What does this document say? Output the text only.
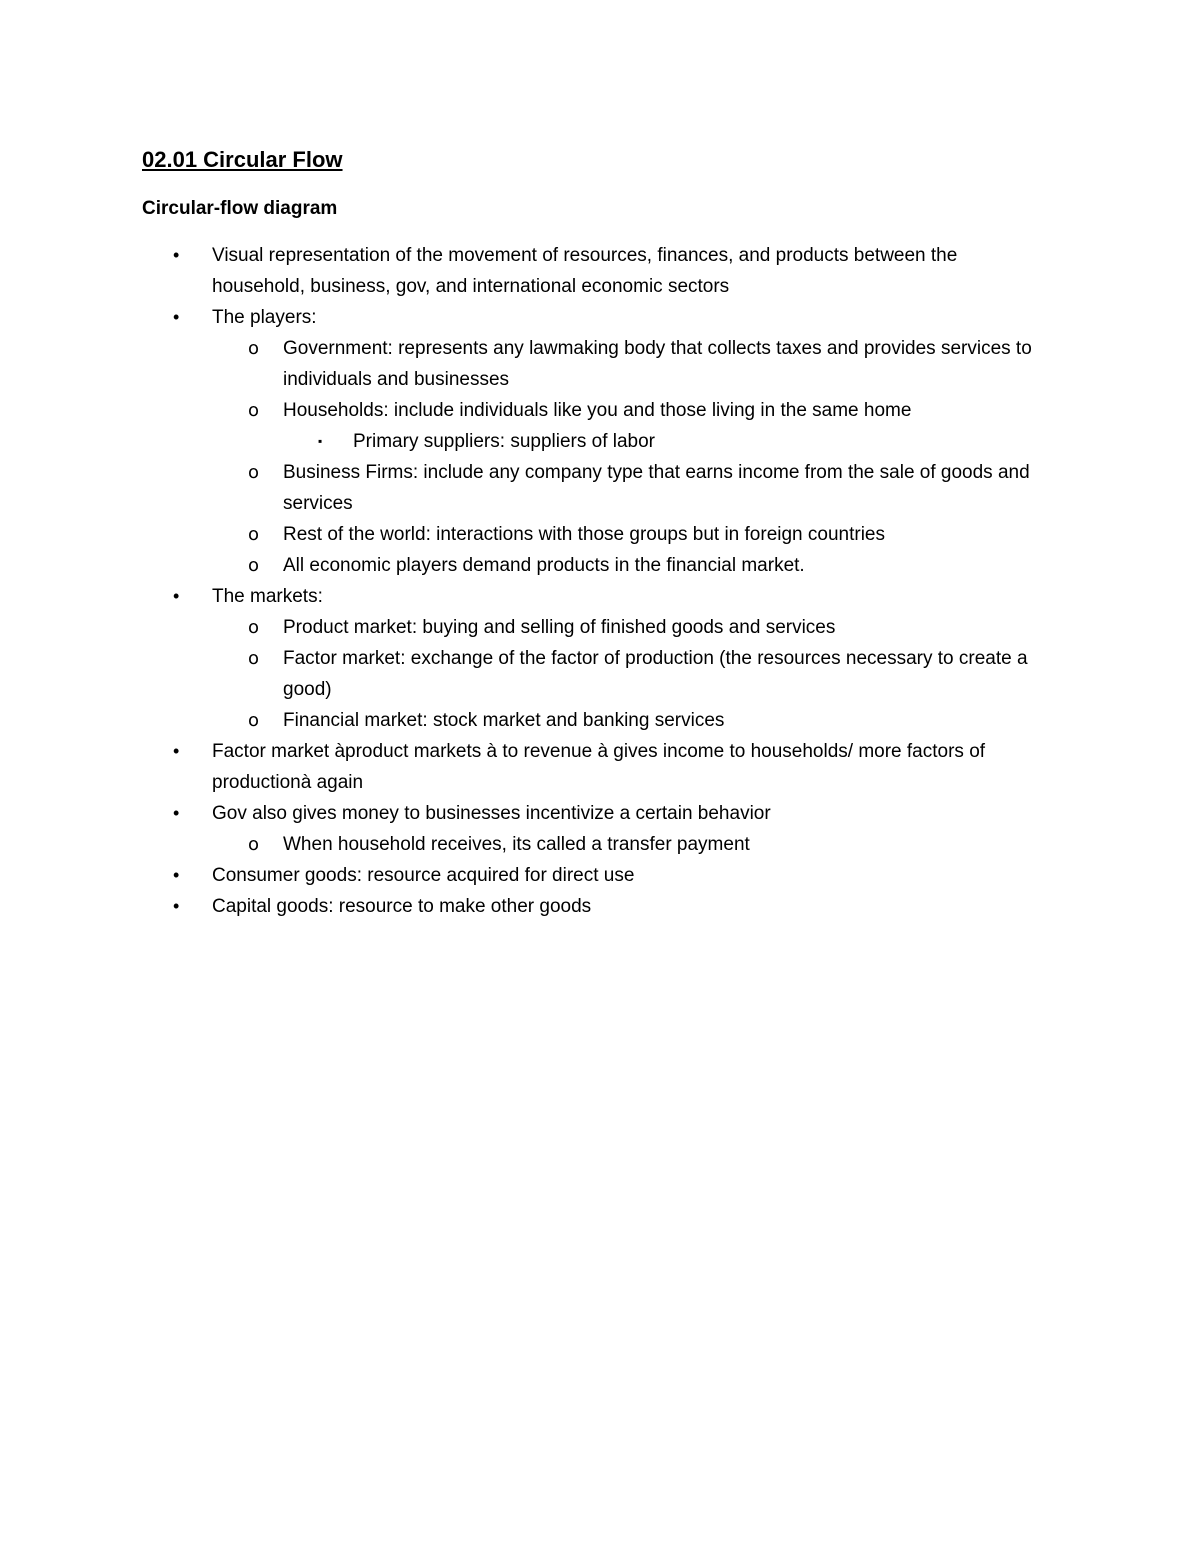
02.01 Circular Flow
Circular-flow diagram
• Visual representation of the movement of resources, finances, and products between the household, business, gov, and international economic sectors
• The players:
o Government: represents any lawmaking body that collects taxes and provides services to individuals and businesses
o Households: include individuals like you and those living in the same home
▪ Primary suppliers: suppliers of labor
o Business Firms: include any company type that earns income from the sale of goods and services
o Rest of the world: interactions with those groups but in foreign countries
o All economic players demand products in the financial market.
• The markets:
o Product market: buying and selling of finished goods and services
o Factor market: exchange of the factor of production (the resources necessary to create a good)
o Financial market: stock market and banking services
• Factor market àproduct markets à to revenue à gives income to households/ more factors of productionà again
• Gov also gives money to businesses incentivize a certain behavior
o When household receives, its called a transfer payment
• Consumer goods: resource acquired for direct use
• Capital goods: resource to make other goods
